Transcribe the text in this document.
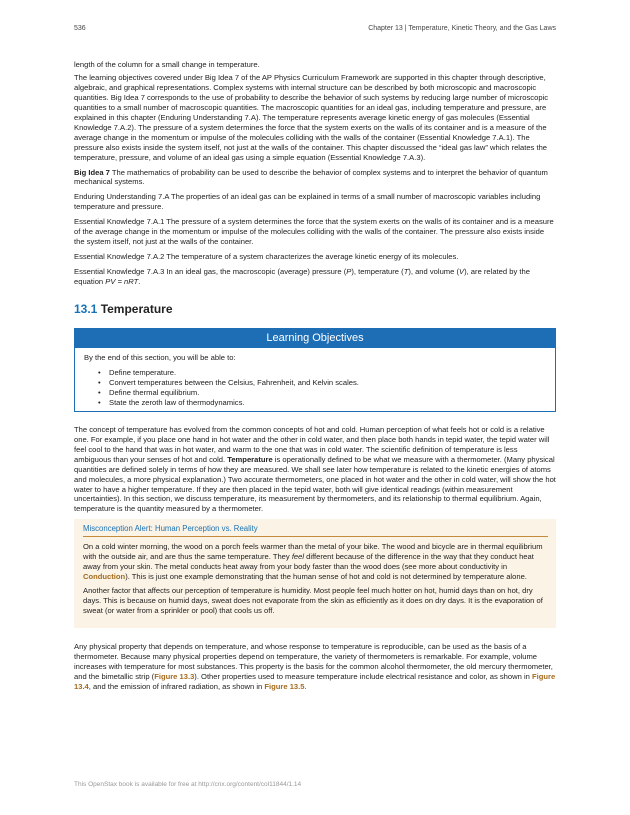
536	Chapter 13 | Temperature, Kinetic Theory, and the Gas Laws

length of the column for a small change in temperature.

The learning objectives covered under Big Idea 7 of the AP Physics Curriculum Framework are supported in this chapter through descriptive, algebraic, and graphical representations. Complex systems with internal structure can be described by both microscopic and macroscopic quantities. Big Idea 7 corresponds to the use of probability to describe the behavior of such systems by reducing large number of microscopic quantities to a small number of macroscopic quantities. The macroscopic quantities for an ideal gas, including temperature and pressure, are explained in this chapter (Enduring Understanding 7.A). The temperature represents average kinetic energy of gas molecules (Essential Knowledge 7.A.2). The pressure of a system determines the force that the system exerts on the walls of its container and is a measure of the average change in the momentum or impulse of the molecules colliding with the walls of the container (Essential Knowledge 7.A.1). The pressure also exists inside the system itself, not just at the walls of the container. This chapter discussed the “ideal gas law” which relates the temperature, pressure, and volume of an ideal gas using a simple equation (Essential Knowledge 7.A.3).

Big Idea 7 The mathematics of probability can be used to describe the behavior of complex systems and to interpret the behavior of quantum mechanical systems.

Enduring Understanding 7.A The properties of an ideal gas can be explained in terms of a small number of macroscopic variables including temperature and pressure.

Essential Knowledge 7.A.1 The pressure of a system determines the force that the system exerts on the walls of its container and is a measure of the average change in the momentum or impulse of the molecules colliding with the walls of the container. The pressure also exists inside the system itself, not just at the walls of the container.

Essential Knowledge 7.A.2 The temperature of a system characterizes the average kinetic energy of its molecules.

Essential Knowledge 7.A.3 In an ideal gas, the macroscopic (average) pressure (P), temperature (T), and volume (V), are related by the equation PV = nRT.

13.1 Temperature
Learning Objectives

By the end of this section, you will be able to:

• Define temperature.
• Convert temperatures between the Celsius, Fahrenheit, and Kelvin scales.
• Define thermal equilibrium.
• State the zeroth law of thermodynamics.

The concept of temperature has evolved from the common concepts of hot and cold. Human perception of what feels hot or cold is a relative one. For example, if you place one hand in hot water and the other in cold water, and then place both hands in tepid water, the tepid water will feel cool to the hand that was in hot water, and warm to the one that was in cold water. The scientific definition of temperature is less ambiguous than your senses of hot and cold. Temperature is operationally defined to be what we measure with a thermometer. (Many physical quantities are defined solely in terms of how they are measured. We shall see later how temperature is related to the kinetic energies of atoms and molecules, a more physical explanation.) Two accurate thermometers, one placed in hot water and the other in cold water, will show the hot water to have a higher temperature. If they are then placed in the tepid water, both will give identical readings (within measurement uncertainties). In this section, we discuss temperature, its measurement by thermometers, and its relationship to thermal equilibrium. Again, temperature is the quantity measured by a thermometer.

Misconception Alert: Human Perception vs. Reality

On a cold winter morning, the wood on a porch feels warmer than the metal of your bike. The wood and bicycle are in thermal equilibrium with the outside air, and are thus the same temperature. They feel different because of the difference in the way that they conduct heat away from your skin. The metal conducts heat away from your body faster than the wood does (see more about conductivity in Conduction). This is just one example demonstrating that the human sense of hot and cold is not determined by temperature alone.

Another factor that affects our perception of temperature is humidity. Most people feel much hotter on hot, humid days than on hot, dry days. This is because on humid days, sweat does not evaporate from the skin as efficiently as it does on dry days. It is the evaporation of sweat (or water from a sprinkler or pool) that cools us off.

Any physical property that depends on temperature, and whose response to temperature is reproducible, can be used as the basis of a thermometer. Because many physical properties depend on temperature, the variety of thermometers is remarkable. For example, volume increases with temperature for most substances. This property is the basis for the common alcohol thermometer, the old mercury thermometer, and the bimetallic strip (Figure 13.3). Other properties used to measure temperature include electrical resistance and color, as shown in Figure 13.4, and the emission of infrared radiation, as shown in Figure 13.5.

This OpenStax book is available for free at http://cnx.org/content/col11844/1.14
